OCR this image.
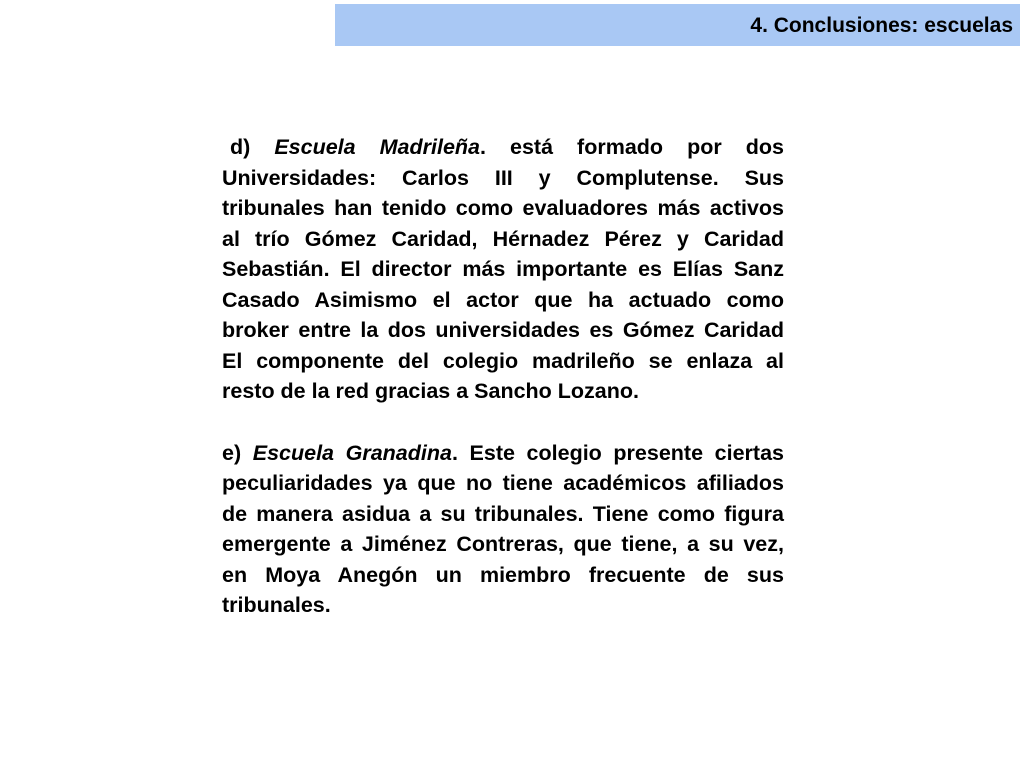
4. Conclusiones: escuelas

d) Escuela Madrileña. está formado por dos Universidades: Carlos III y Complutense. Sus tribunales han tenido como evaluadores más activos al trío Gómez Caridad, Hérnadez Pérez y Caridad Sebastián. El director más importante es Elías Sanz Casado Asimismo el actor que ha actuado como broker entre la dos universidades es Gómez Caridad El componente del colegio madrileño se enlaza al resto de la red gracias a Sancho Lozano.

e) Escuela Granadina. Este colegio presente ciertas peculiaridades ya que no tiene académicos afiliados de manera asidua a su tribunales. Tiene como figura emergente a Jiménez Contreras, que tiene, a su vez, en Moya Anegón un miembro frecuente de sus tribunales.
